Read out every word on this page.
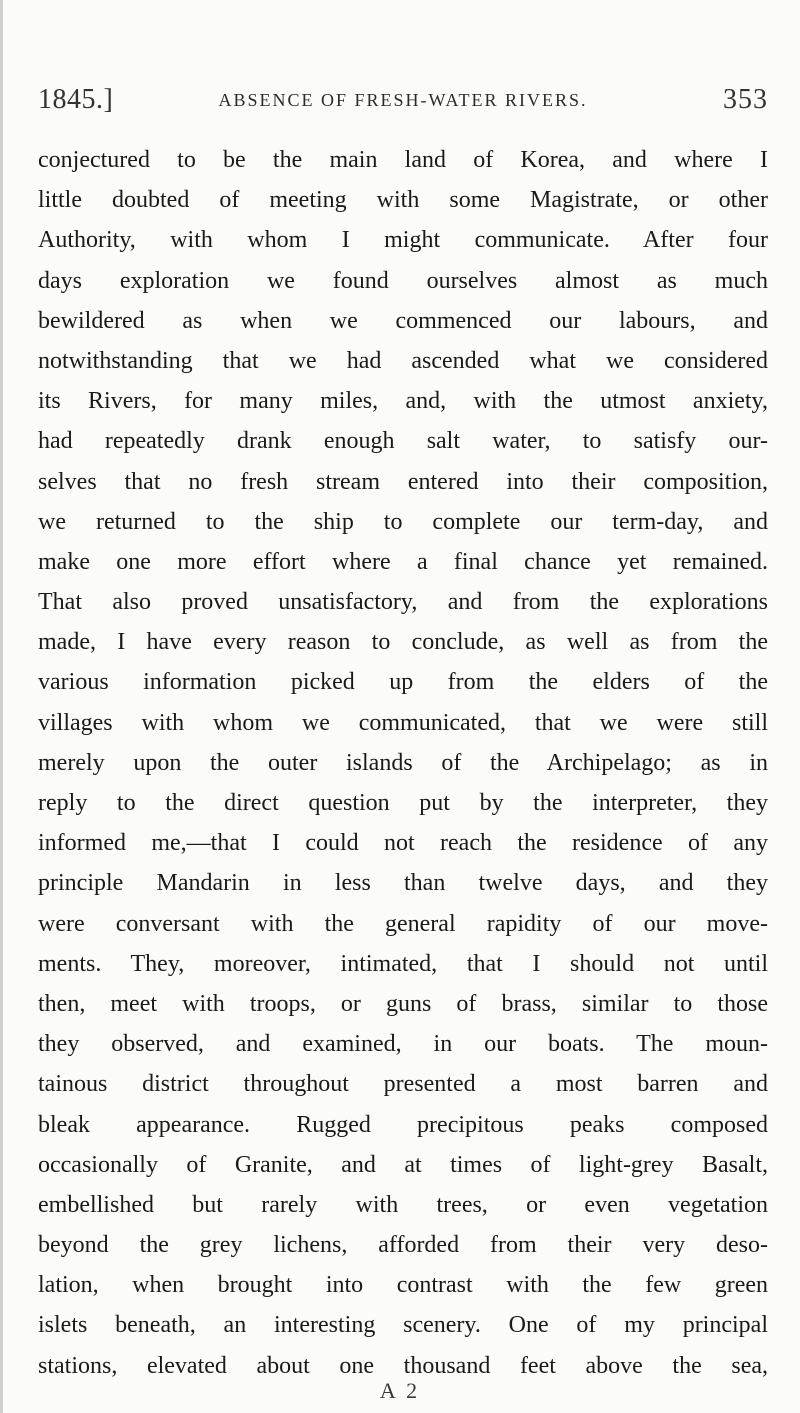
1845.]	ABSENCE OF FRESH-WATER RIVERS.	353
conjectured to be the main land of Korea, and where I
little doubted of meeting with some Magistrate, or other
Authority, with whom I might communicate. After four
days exploration we found ourselves almost as much
bewildered as when we commenced our labours, and
notwithstanding that we had ascended what we considered
its Rivers, for many miles, and, with the utmost anxiety,
had repeatedly drank enough salt water, to satisfy our-
selves that no fresh stream entered into their composition,
we returned to the ship to complete our term-day, and
make one more effort where a final chance yet remained.
That also proved unsatisfactory, and from the explorations
made, I have every reason to conclude, as well as from the
various information picked up from the elders of the
villages with whom we communicated, that we were still
merely upon the outer islands of the Archipelago; as in
reply to the direct question put by the interpreter, they
informed me,—that I could not reach the residence of any
principle Mandarin in less than twelve days, and they
were conversant with the general rapidity of our move-
ments. They, moreover, intimated, that I should not until
then, meet with troops, or guns of brass, similar to those
they observed, and examined, in our boats. The moun-
tainous district throughout presented a most barren and
bleak appearance. Rugged precipitous peaks composed
occasionally of Granite, and at times of light-grey Basalt,
embellished but rarely with trees, or even vegetation
beyond the grey lichens, afforded from their very deso-
lation, when brought into contrast with the few green
islets beneath, an interesting scenery. One of my principal
stations, elevated about one thousand feet above the sea,
A 2
